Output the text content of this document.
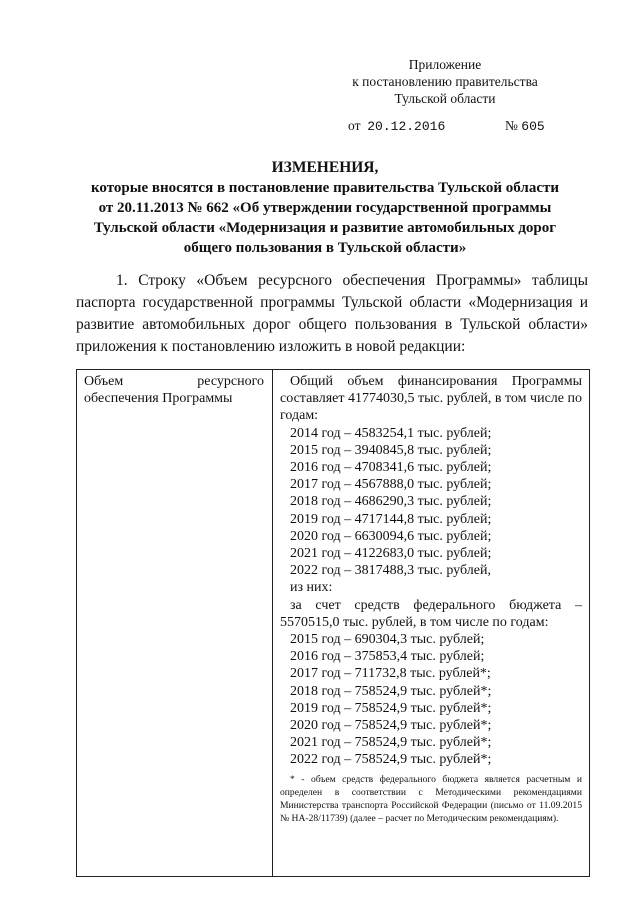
Приложение
к постановлению правительства
Тульской области
от 20.12.2016	№ 605
ИЗМЕНЕНИЯ,
которые вносятся в постановление правительства Тульской области
от 20.11.2013 № 662 «Об утверждении государственной программы
Тульской области «Модернизация и развитие автомобильных дорог
общего пользования в Тульской области»
1. Строку «Объем ресурсного обеспечения Программы» таблицы паспорта государственной программы Тульской области «Модернизация и развитие автомобильных дорог общего пользования в Тульской области» приложения к постановлению изложить в новой редакции:
Объем	ресурсного
обеспечения Программы
Общий объем финансирования Программы составляет 41774030,5 тыс. рублей, в том числе по годам:
2014 год – 4583254,1 тыс. рублей;
2015 год – 3940845,8 тыс. рублей;
2016 год – 4708341,6 тыс. рублей;
2017 год – 4567888,0 тыс. рублей;
2018 год – 4686290,3 тыс. рублей;
2019 год – 4717144,8 тыс. рублей;
2020 год – 6630094,6 тыс. рублей;
2021 год – 4122683,0 тыс. рублей;
2022 год – 3817488,3 тыс. рублей,
из них:
за счет средств федерального бюджета – 5570515,0 тыс. рублей, в том числе по годам:
2015 год – 690304,3 тыс. рублей;
2016 год – 375853,4 тыс. рублей;
2017 год – 711732,8 тыс. рублей*;
2018 год – 758524,9 тыс. рублей*;
2019 год – 758524,9 тыс. рублей*;
2020 год – 758524,9 тыс. рублей*;
2021 год – 758524,9 тыс. рублей*;
2022 год – 758524,9 тыс. рублей*;
* - объем средств федерального бюджета является расчетным и определен в соответствии с Методическими рекомендациями Министерства транспорта Российской Федерации (письмо от 11.09.2015 № НА-28/11739) (далее – расчет по Методическим рекомендациям).
